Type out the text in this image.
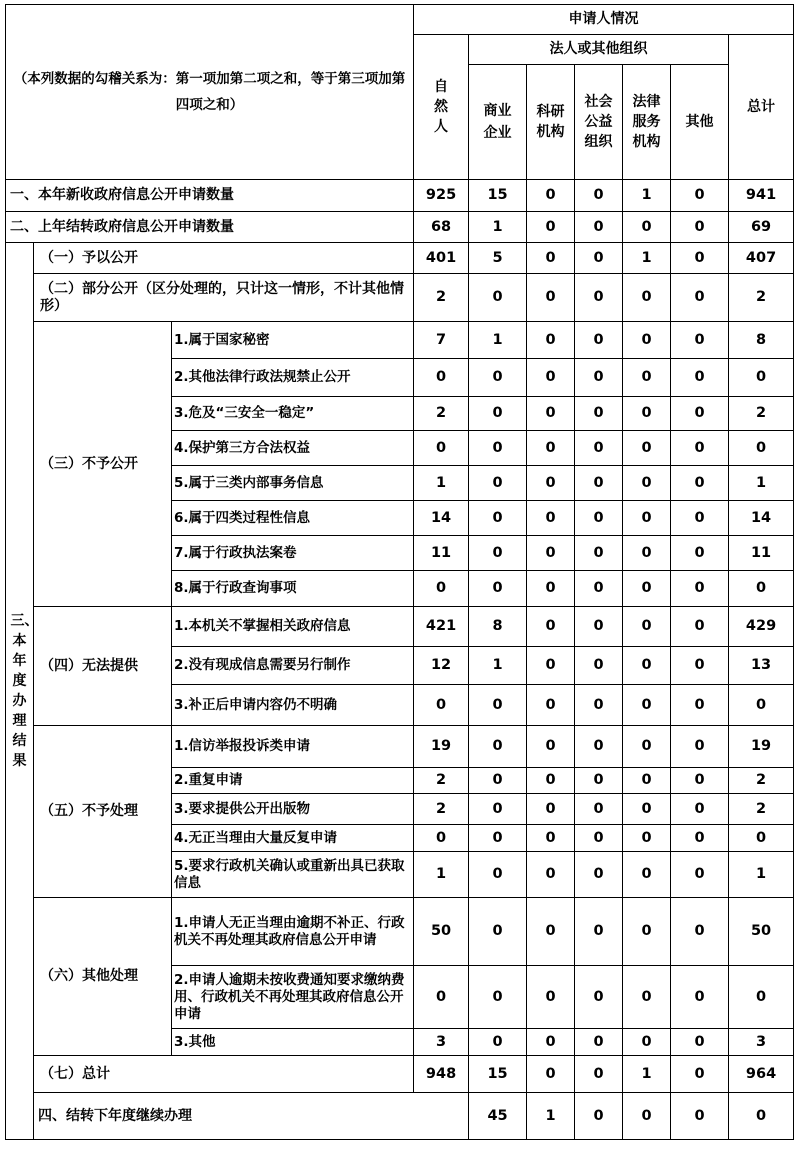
（本列数据的勾稽关系为：第一项加第二项之和，等于第三项加第四项之和）			申请人情况							
			自然人	法人或其他组织					总计	
				商业企业	科研机构	社会公益组织	法律服务机构	其他		
一、本年新收政府信息公开申请数量			925	15	0	0	1	0	941	
二、上年结转政府信息公开申请数量			68	1	0	0	0	0	69	
三、本年度办理结果	（一）予以公开		401	5	0	0	1	0	407	
	（二）部分公开（区分处理的，只计这一情形，不计其他情形）		2	0	0	0	0	0	2	
	（三）不予公开	1.属于国家秘密	7	1	0	0	0	0	8	
		2.其他法律行政法规禁止公开	0	0	0	0	0	0	0	
		3.危及“三安全一稳定”	2	0	0	0	0	0	2	
		4.保护第三方合法权益	0	0	0	0	0	0	0	
		5.属于三类内部事务信息	1	0	0	0	0	0	1	
		6.属于四类过程性信息	14	0	0	0	0	0	14	
		7.属于行政执法案卷	11	0	0	0	0	0	11	
		8.属于行政查询事项	0	0	0	0	0	0	0	
	（四）无法提供	1.本机关不掌握相关政府信息	421	8	0	0	0	0	429	
		2.没有现成信息需要另行制作	12	1	0	0	0	0	13	
		3.补正后申请内容仍不明确	0	0	0	0	0	0	0	
	（五）不予处理	1.信访举报投诉类申请	19	0	0	0	0	0	19	
		2.重复申请	2	0	0	0	0	0	2	
		3.要求提供公开出版物	2	0	0	0	0	0	2	
		4.无正当理由大量反复申请	0	0	0	0	0	0	0	
		5.要求行政机关确认或重新出具已获取信息	1	0	0	0	0	0	1	
	（六）其他处理	1.申请人无正当理由逾期不补正、行政机关不再处理其政府信息公开申请	50	0	0	0	0	0	50	
		2.申请人逾期未按收费通知要求缴纳费用、行政机关不再处理其政府信息公开申请	0	0	0	0	0	0	0	
		3.其他	3	0	0	0	0	0	3	
	（七）总计		948	15	0	0	1	0	964	
	四、结转下年度继续办理			45	1	0	0	0	0	
